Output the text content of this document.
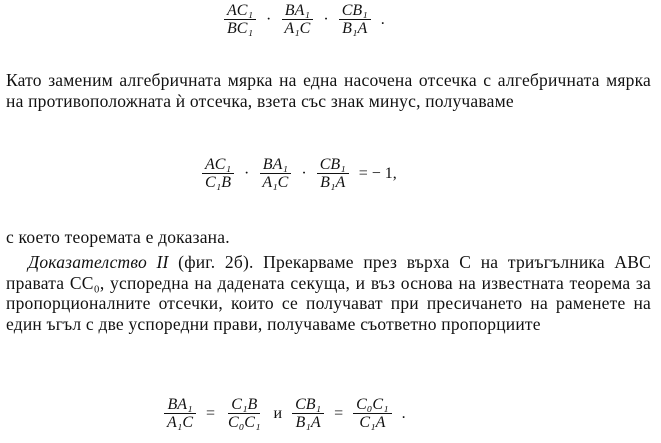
$\frac{\text{AC₁}}{\text{BC₁}} \cdot \frac{\text{BA₁}}{\text{A₁C}} \cdot \frac{\text{CB₁}}{\text{B₁A}}$ .

Като заменим алгебричната мярка на една насочена отсечка с алгебричната мярка на противоположната ѝ отсечка, взета със знак минус, получаваме

$\frac{\text{AC₁}}{\text{C₁B}} \cdot \frac{\text{BA₁}}{\text{A₁C}} \cdot \frac{\text{CB₁}}{\text{B₁A}}$ = − 1,

с което теоремата е доказана.

Доказателство II (фиг. 2б). Прекарваме през върха C на триъгълника ABC правата CC₀, успоредна на дадената секуща, и въз основа на известната теорема за пропорционалните отсечки, които се получават при пресичането на раменете на един ъгъл с две успоредни прави, получаваме съответно пропорциите

$\frac{\text{BA₁}}{\text{A₁C}} = \frac{\text{C₁B}}{\text{C₀C₁}}$ и $\frac{\text{CB₁}}{\text{B₁A}} = \frac{\text{C₀C₁}}{\text{C₁A}}$ .
